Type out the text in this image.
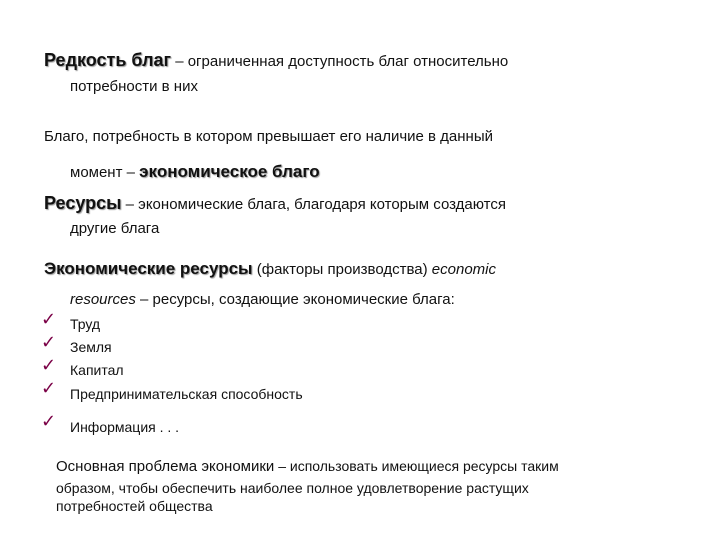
Редкость благ – ограниченная доступность благ относительно
потребности в них
Благо, потребность в котором превышает его наличие в данный
момент – экономическое благо
Ресурсы – экономические блага, благодаря которым создаются
другие блага
Экономические ресурсы (факторы производства) economic
resources – ресурсы, создающие экономические блага:
✓ Труд
✓ Земля
✓ Капитал
✓ Предпринимательская способность
✓ Информация . . .
Основная проблема экономики – использовать имеющиеся ресурсы таким
образом, чтобы обеспечить наиболее полное удовлетворение растущих
потребностей общества
